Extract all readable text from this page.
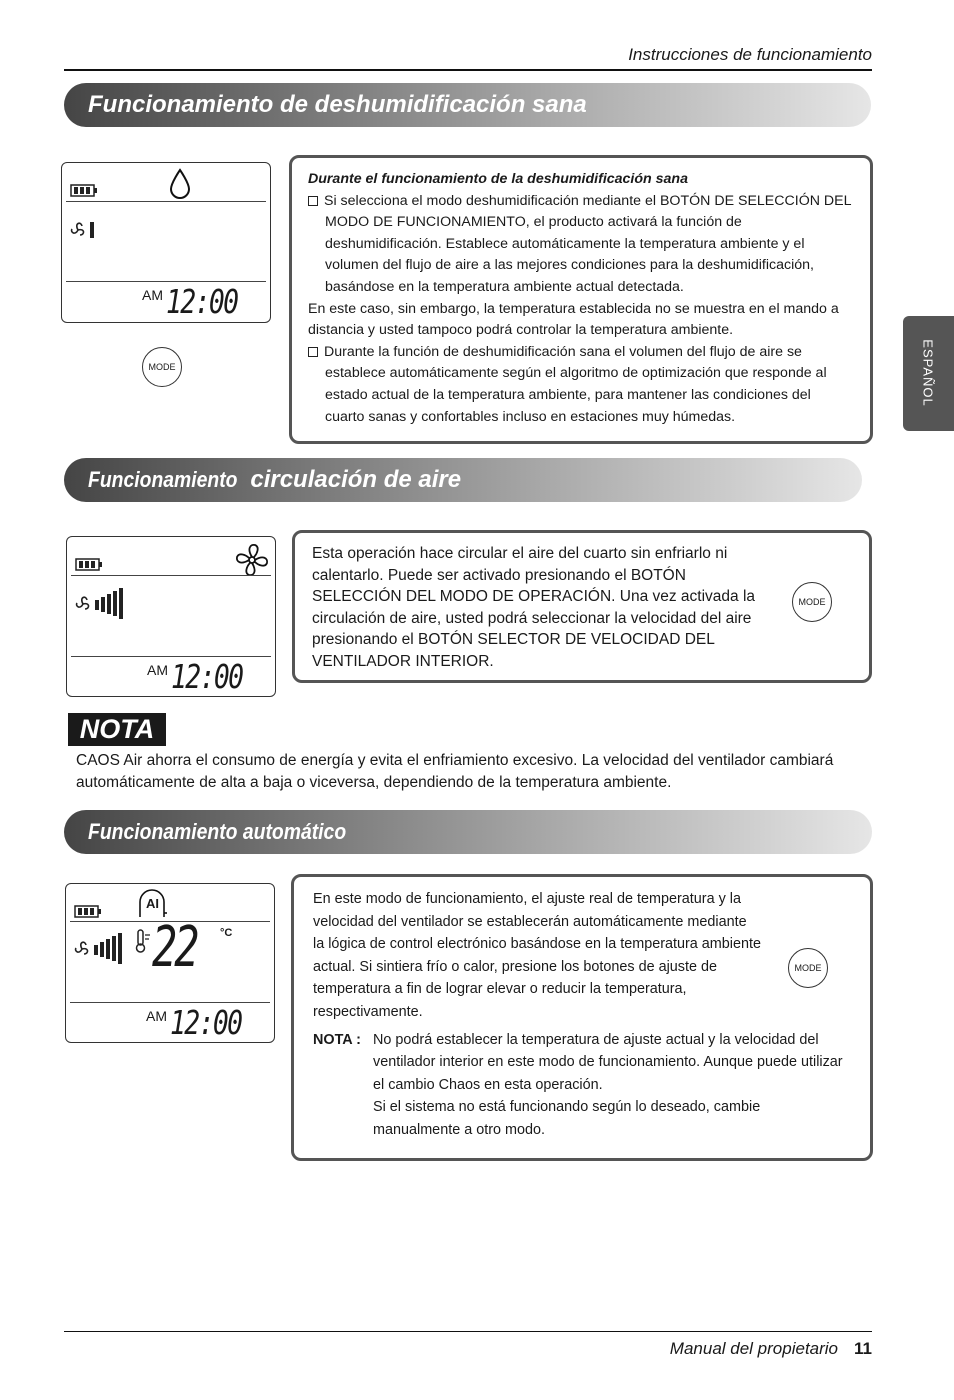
Instrucciones de funcionamiento
ESPAÑOL
Funcionamiento de deshumidificación sana
AM 12:00
MODE

Durante el funcionamiento de la deshumidificación sana

Si selecciona el modo deshumidificación mediante el BOTÓN DE SELECCIÓN DEL MODO DE FUNCIONAMIENTO, el producto activará la función de deshumidificación. Establece automáticamente la temperatura ambiente y el volumen del flujo de aire a las mejores condiciones para la deshumidificación, basándose en la temperatura ambiente actual detectada.

En este caso, sin embargo, la temperatura establecida no se muestra en el mando a distancia y usted tampoco podrá controlar la temperatura ambiente.

Durante la función de deshumidificación sana el volumen del flujo de aire se establece automáticamente según el algoritmo de optimización que responde al estado actual de la temperatura ambiente, para mantener las condiciones del cuarto sanas y confortables incluso en estaciones muy húmedas.

Funcionamiento circulación de aire
AM 12:00

Esta operación hace circular el aire del cuarto sin enfriarlo ni calentarlo. Puede ser activado presionando el BOTÓN SELECCIÓN DEL MODO DE OPERACIÓN. Una vez activada la circulación de aire, usted podrá seleccionar la velocidad del aire presionando el BOTÓN SELECTOR DE VELOCIDAD DEL VENTILADOR INTERIOR.

MODE
NOTA

CAOS Air ahorra el consumo de energía y evita el enfriamiento excesivo. La velocidad del ventilador cambiará automáticamente de alta a baja o viceversa, dependiendo de la temperatura ambiente.

Funcionamiento automático
AI
22 °C
AM 12:00

En este modo de funcionamiento, el ajuste real de temperatura y la velocidad del ventilador se establecerán automáticamente mediante la lógica de control electrónico basándose en la temperatura ambiente actual. Si sintiera frío o calor, presione los botones de ajuste de temperatura a fin de lograr elevar o reducir la temperatura, respectivamente.

NOTA : No podrá establecer la temperatura de ajuste actual y la velocidad del ventilador interior en este modo de funcionamiento. Aunque puede utilizar el cambio Chaos en esta operación.

Si el sistema no está funcionando según lo deseado, cambie manualmente a otro modo.

MODE
Manual del propietario 11
